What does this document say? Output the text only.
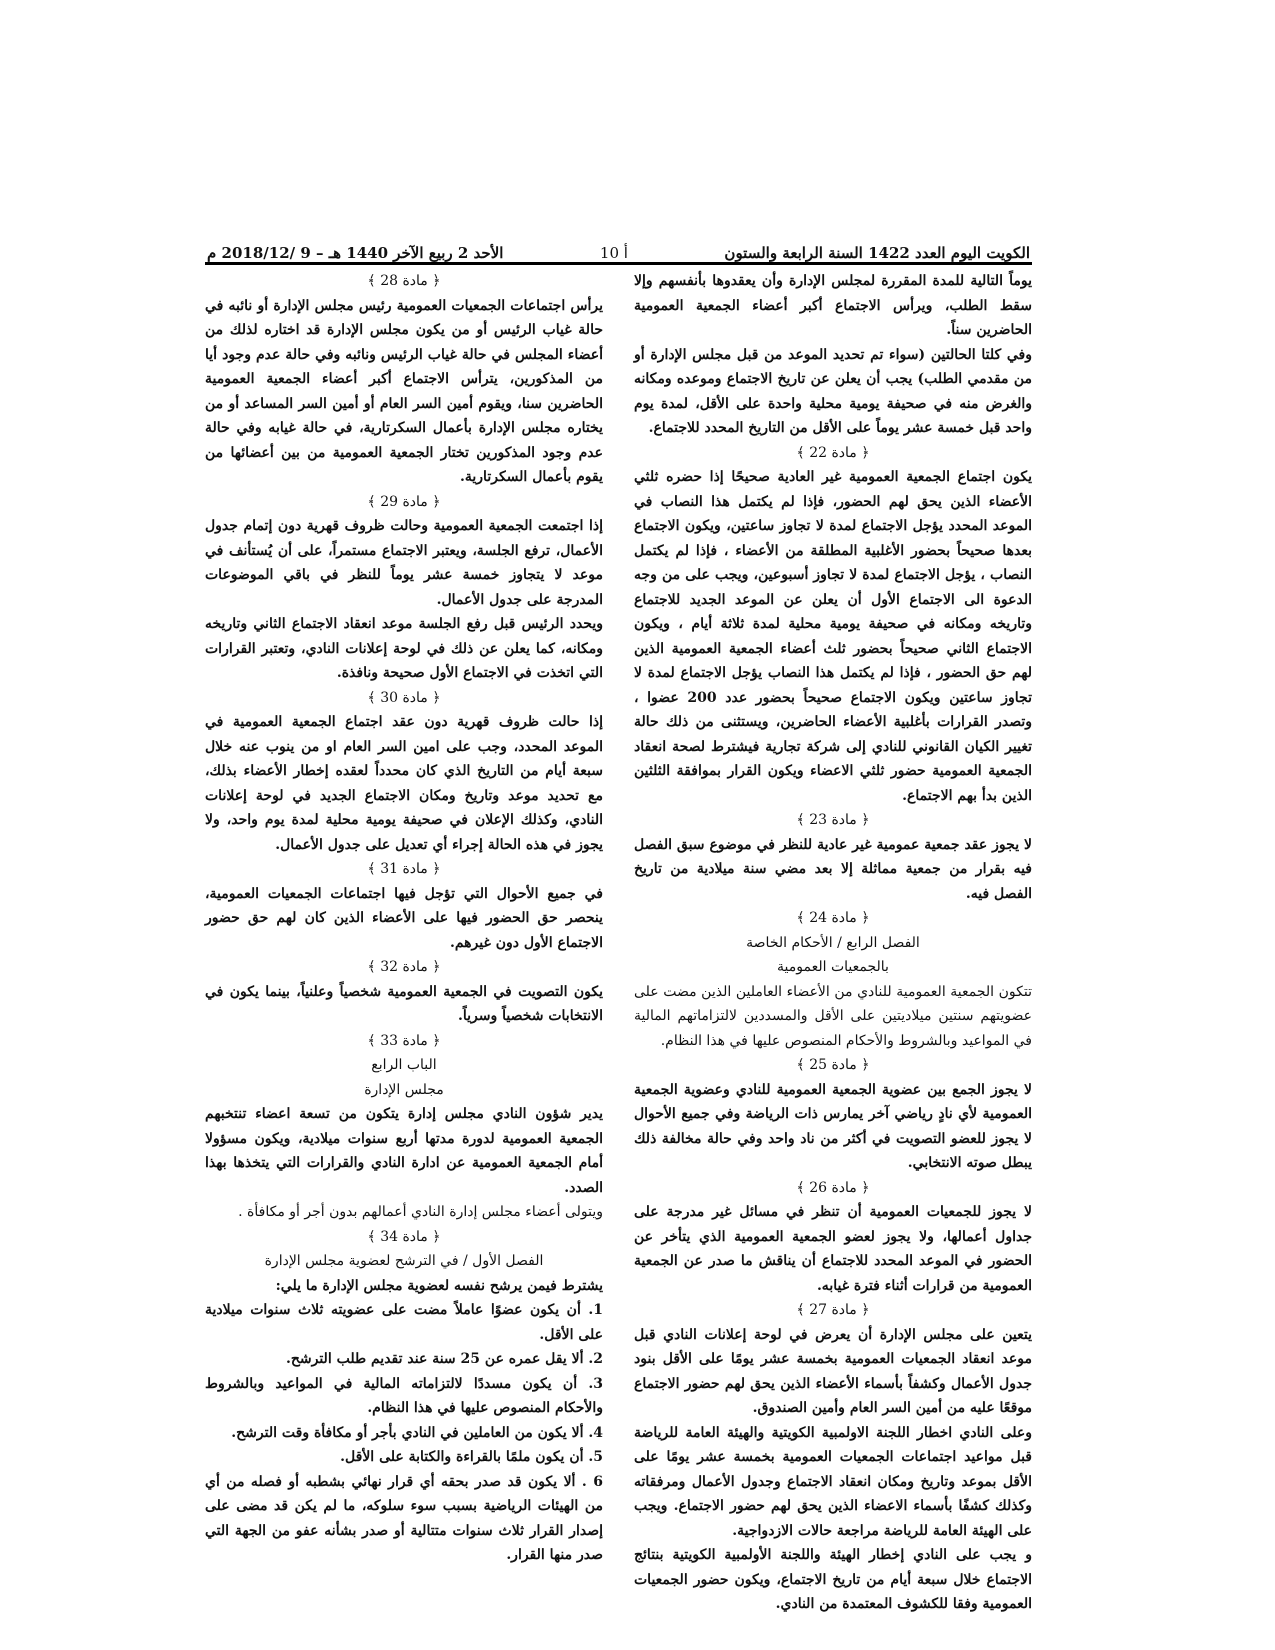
الكويت اليوم العدد 1422 السنة الرابعة والستون
أ 10
الأحد 2 ربيع الآخر 1440 هـ – 9 /2018/12 م

يوماً التالية للمدة المقررة لمجلس الإدارة وأن يعقدوها بأنفسهم وإلا سقط الطلب، ويرأس الاجتماع أكبر أعضاء الجمعية العمومية الحاضرين سناً.

وفي كلتا الحالتين (سواء تم تحديد الموعد من قبل مجلس الإدارة أو من مقدمي الطلب) يجب أن يعلن عن تاريخ الاجتماع وموعده ومكانه والغرض منه في صحيفة يومية محلية واحدة على الأقل، لمدة يوم واحد قبل خمسة عشر يوماً على الأقل من التاريخ المحدد للاجتماع.

﴿ مادة 22 ﴾

يكون اجتماع الجمعية العمومية غير العادية صحيحًا إذا حضره ثلثي الأعضاء الذين يحق لهم الحضور، فإذا لم يكتمل هذا النصاب في الموعد المحدد يؤجل الاجتماع لمدة لا تجاوز ساعتين، ويكون الاجتماع بعدها صحيحاً بحضور الأغلبية المطلقة من الأعضاء ، فإذا لم يكتمل النصاب ، يؤجل الاجتماع لمدة لا تجاوز أسبوعين، ويجب على من وجه الدعوة الى الاجتماع الأول أن يعلن عن الموعد الجديد للاجتماع وتاريخه ومكانه في صحيفة يومية محلية لمدة ثلاثة أيام ، ويكون الاجتماع الثاني صحيحاً بحضور ثلث أعضاء الجمعية العمومية الذين لهم حق الحضور ، فإذا لم يكتمل هذا النصاب يؤجل الاجتماع لمدة لا تجاوز ساعتين ويكون الاجتماع صحيحاً بحضور عدد 200 عضوا ، وتصدر القرارات بأغلبية الأعضاء الحاضرين، ويستثنى من ذلك حالة تغيير الكيان القانوني للنادي إلى شركة تجارية فيشترط لصحة انعقاد الجمعية العمومية حضور ثلثي الاعضاء ويكون القرار بموافقة الثلثين الذين بدأ بهم الاجتماع.

﴿ مادة 23 ﴾

لا يجوز عقد جمعية عمومية غير عادية للنظر في موضوع سبق الفصل فيه بقرار من جمعية مماثلة إلا بعد مضي سنة ميلادية من تاريخ الفصل فيه.

﴿ مادة 24 ﴾

الفصل الرابع / الأحكام الخاصة

بالجمعيات العمومية

تتكون الجمعية العمومية للنادي من الأعضاء العاملين الذين مضت على عضويتهم سنتين ميلاديتين على الأقل والمسددين لالتزاماتهم المالية في المواعيد وبالشروط والأحكام المنصوص عليها في هذا النظام.

﴿ مادة 25 ﴾

لا يجوز الجمع بين عضوية الجمعية العمومية للنادي وعضوية الجمعية العمومية لأي نادٍ رياضي آخر يمارس ذات الرياضة وفي جميع الأحوال لا يجوز للعضو التصويت في أكثر من ناد واحد وفي حالة مخالفة ذلك يبطل صوته الانتخابي.

﴿ مادة 26 ﴾

لا يجوز للجمعيات العمومية أن تنظر في مسائل غير مدرجة على جداول أعمالها، ولا يجوز لعضو الجمعية العمومية الذي يتأخر عن الحضور في الموعد المحدد للاجتماع أن يناقش ما صدر عن الجمعية العمومية من قرارات أثناء فترة غيابه.

﴿ مادة 27 ﴾

يتعين على مجلس الإدارة أن يعرض في لوحة إعلانات النادي قبل موعد انعقاد الجمعيات العمومية بخمسة عشر يومًا على الأقل بنود جدول الأعمال وكشفاً بأسماء الأعضاء الذين يحق لهم حضور الاجتماع موقعًا عليه من أمين السر العام وأمين الصندوق.

وعلى النادي اخطار اللجنة الاولمبية الكويتية والهيئة العامة للرياضة قبل مواعيد اجتماعات الجمعيات العمومية بخمسة عشر يومًا على الأقل بموعد وتاريخ ومكان انعقاد الاجتماع وجدول الأعمال ومرفقاته وكذلك كشفًا بأسماء الاعضاء الذين يحق لهم حضور الاجتماع. ويجب على الهيئة العامة للرياضة مراجعة حالات الازدواجية.

و يجب على النادي إخطار الهيئة واللجنة الأولمبية الكويتية بنتائج الاجتماع خلال سبعة أيام من تاريخ الاجتماع، ويكون حضور الجمعيات العمومية وفقا للكشوف المعتمدة من النادي.

﴿ مادة 28 ﴾

يرأس اجتماعات الجمعيات العمومية رئيس مجلس الإدارة أو نائبه في حالة غياب الرئيس أو من يكون مجلس الإدارة قد اختاره لذلك من أعضاء المجلس في حالة غياب الرئيس ونائبه وفي حالة عدم وجود أيا من المذكورين، يترأس الاجتماع أكبر أعضاء الجمعية العمومية الحاضرين سنا، ويقوم أمين السر العام أو أمين السر المساعد أو من يختاره مجلس الإدارة بأعمال السكرتارية، في حالة غيابه وفي حالة عدم وجود المذكورين تختار الجمعية العمومية من بين أعضائها من يقوم بأعمال السكرتارية.

﴿ مادة 29 ﴾

إذا اجتمعت الجمعية العمومية وحالت ظروف قهرية دون إتمام جدول الأعمال، ترفع الجلسة، ويعتبر الاجتماع مستمراً، على أن يُستأنف في موعد لا يتجاوز خمسة عشر يوماً للنظر في باقي الموضوعات المدرجة على جدول الأعمال.

ويحدد الرئيس قبل رفع الجلسة موعد انعقاد الاجتماع الثاني وتاريخه ومكانه، كما يعلن عن ذلك في لوحة إعلانات النادي، وتعتبر القرارات التي اتخذت في الاجتماع الأول صحيحة ونافذة.

﴿ مادة 30 ﴾

إذا حالت ظروف قهرية دون عقد اجتماع الجمعية العمومية في الموعد المحدد، وجب على امين السر العام او من ينوب عنه خلال سبعة أيام من التاريخ الذي كان محدداً لعقده إخطار الأعضاء بذلك، مع تحديد موعد وتاريخ ومكان الاجتماع الجديد في لوحة إعلانات النادي، وكذلك الإعلان في صحيفة يومية محلية لمدة يوم واحد، ولا يجوز في هذه الحالة إجراء أي تعديل على جدول الأعمال.

﴿ مادة 31 ﴾

في جميع الأحوال التي تؤجل فيها اجتماعات الجمعيات العمومية، ينحصر حق الحضور فيها على الأعضاء الذين كان لهم حق حضور الاجتماع الأول دون غيرهم.

﴿ مادة 32 ﴾

يكون التصويت في الجمعية العمومية شخصياً وعلنياً، بينما يكون في الانتخابات شخصياً وسرياً.

﴿ مادة 33 ﴾

الباب الرابع

مجلس الإدارة

يدير شؤون النادي مجلس إدارة يتكون من تسعة اعضاء تنتخبهم الجمعية العمومية لدورة مدتها أربع سنوات ميلادية، ويكون مسؤولا أمام الجمعية العمومية عن ادارة النادي والقرارات التي يتخذها بهذا الصدد.

ويتولى أعضاء مجلس إدارة النادي أعمالهم بدون أجر أو مكافأة .

﴿ مادة 34 ﴾

الفصل الأول / في الترشح لعضوية مجلس الإدارة

يشترط فيمن يرشح نفسه لعضوية مجلس الإدارة ما يلي:

1. أن يكون عضوًا عاملاً مضت على عضويته ثلاث سنوات ميلادية على الأقل.

2. ألا يقل عمره عن 25 سنة عند تقديم طلب الترشح.

3. أن يكون مسددًا لالتزاماته المالية في المواعيد وبالشروط والأحكام المنصوص عليها في هذا النظام.

4. ألا يكون من العاملين في النادي بأجر أو مكافأة وقت الترشح.

5. أن يكون ملمًا بالقراءة والكتابة على الأقل.

6 . ألا يكون قد صدر بحقه أي قرار نهائي بشطبه أو فصله من أي من الهيئات الرياضية بسبب سوء سلوكه، ما لم يكن قد مضى على إصدار القرار ثلاث سنوات متتالية أو صدر بشأنه عفو من الجهة التي صدر منها القرار.
